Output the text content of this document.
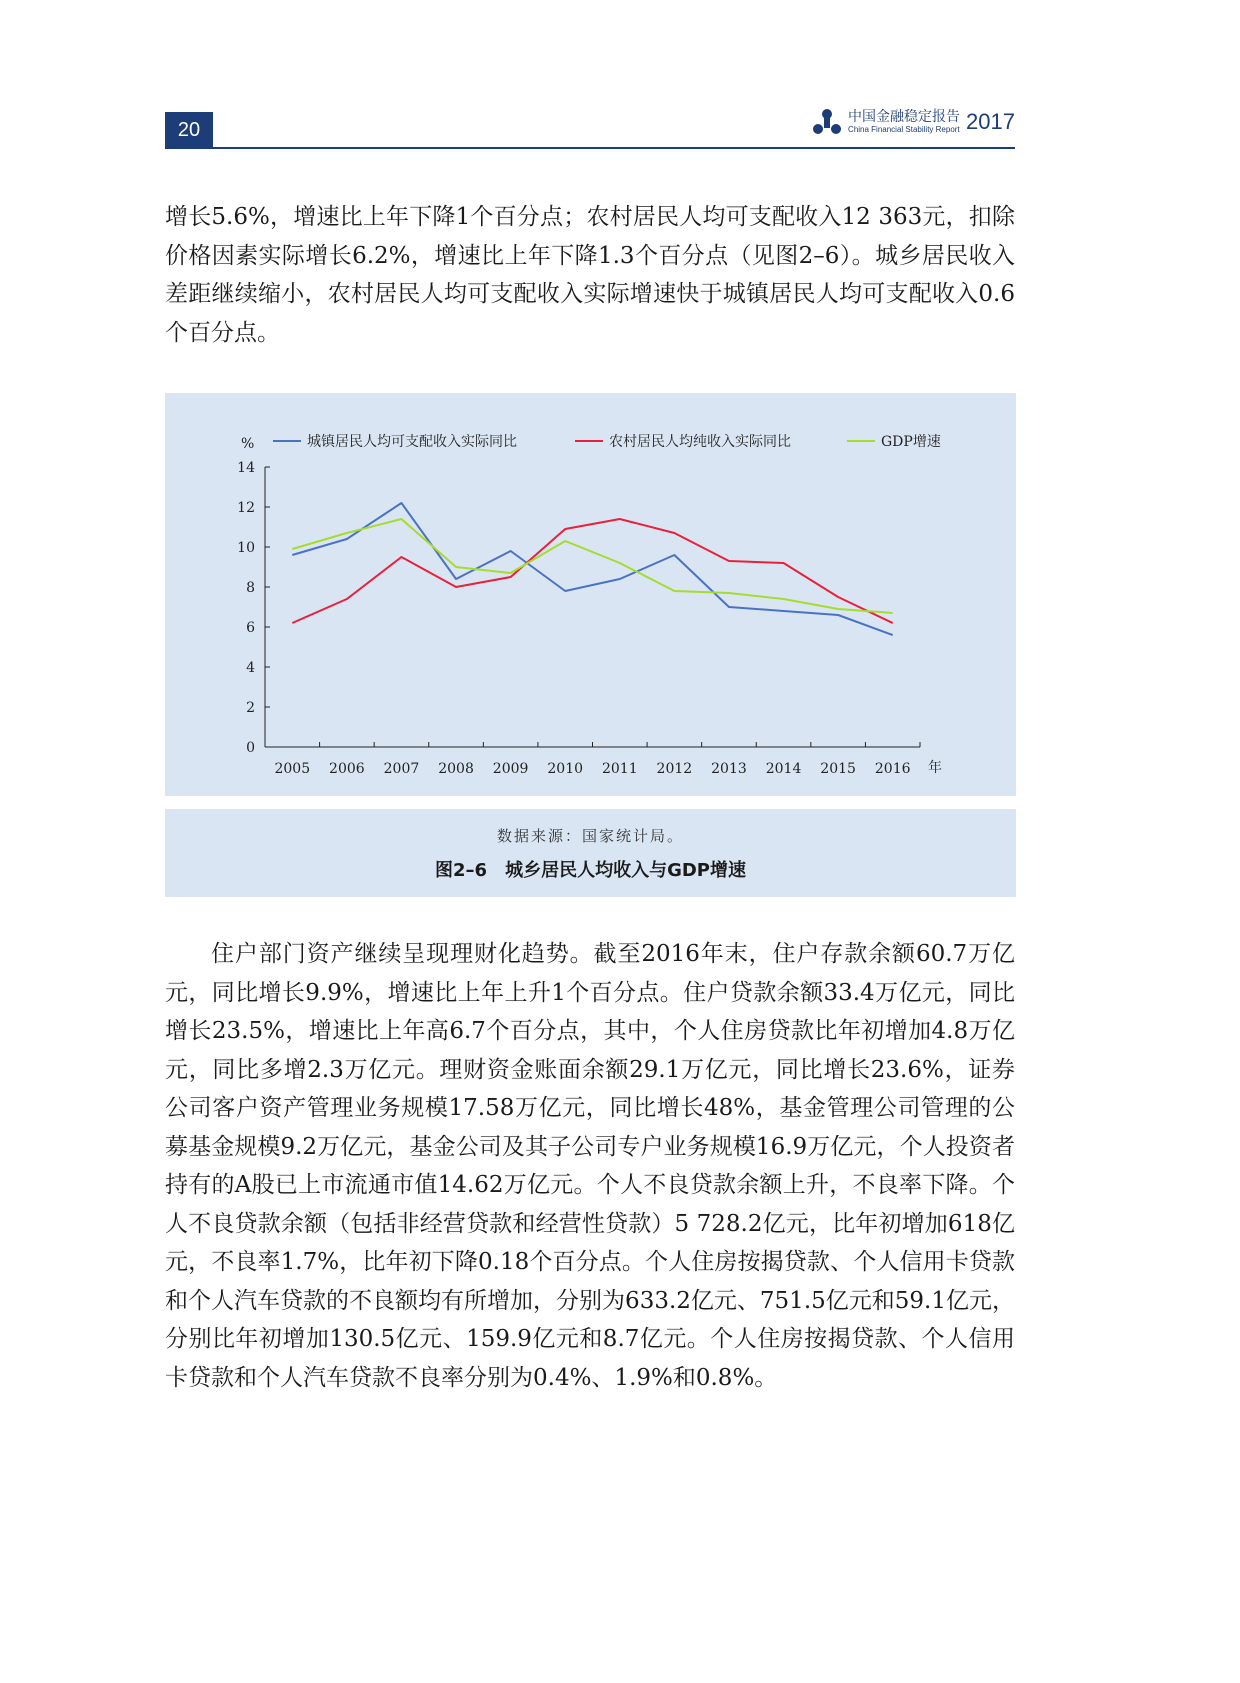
20
中国金融稳定报告
China Financial Stability Report 2017

增长5.6%，增速比上年下降1个百分点；农村居民人均可支配收入12 363元，扣除价格因素实际增长6.2%，增速比上年下降1.3个百分点（见图2–6）。城乡居民收入差距继续缩小，农村居民人均可支配收入实际增速快于城镇居民人均可支配收入0.6个百分点。

0
2
4
6
8
10
12
14
%
2005 2006 2007 2008 2009 2010 2011 2012 2013 2014 2015 2016 年
城镇居民人均可支配收入实际同比	农村居民人均纯收入实际同比	GDP增速
数据来源：国家统计局。
图2–6　城乡居民人均收入与GDP增速

住户部门资产继续呈现理财化趋势。截至2016年末，住户存款余额60.7万亿元，同比增长9.9%，增速比上年上升1个百分点。住户贷款余额33.4万亿元，同比增长23.5%，增速比上年高6.7个百分点，其中，个人住房贷款比年初增加4.8万亿元，同比多增2.3万亿元。理财资金账面余额29.1万亿元，同比增长23.6%，证券公司客户资产管理业务规模17.58万亿元，同比增长48%，基金管理公司管理的公募基金规模9.2万亿元，基金公司及其子公司专户业务规模16.9万亿元，个人投资者持有的A股已上市流通市值14.62万亿元。个人不良贷款余额上升，不良率下降。个人不良贷款余额（包括非经营贷款和经营性贷款）5 728.2亿元，比年初增加618亿元，不良率1.7%，比年初下降0.18个百分点。个人住房按揭贷款、个人信用卡贷款和个人汽车贷款的不良额均有所增加，分别为633.2亿元、751.5亿元和59.1亿元，分别比年初增加130.5亿元、159.9亿元和8.7亿元。个人住房按揭贷款、个人信用卡贷款和个人汽车贷款不良率分别为0.4%、1.9%和0.8%。
